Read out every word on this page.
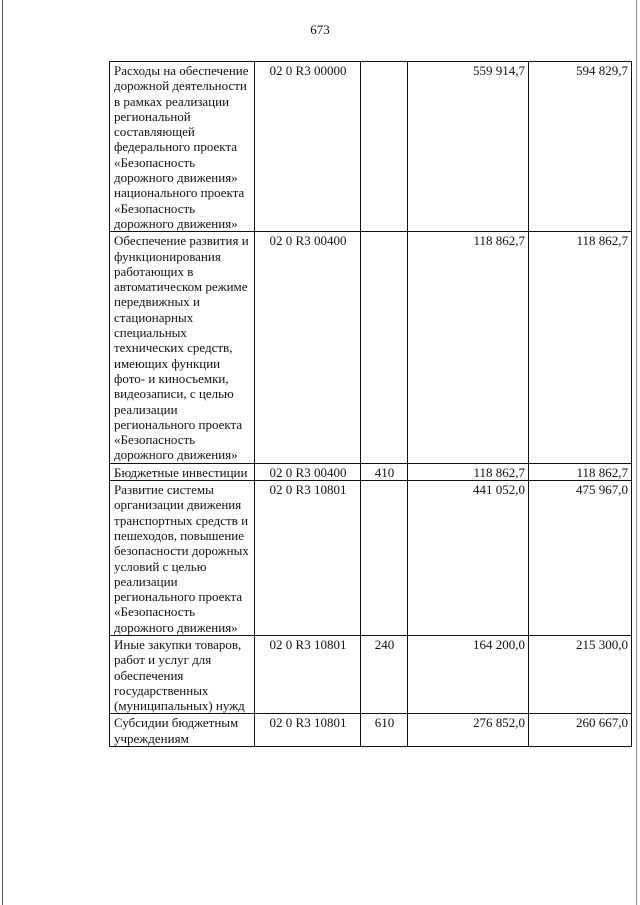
673
Расходы на обеспечение дорожной деятельности в рамках реализации региональной составляющей федерального проекта «Безопасность дорожного движения» национального проекта «Безопасность дорожного движения»	02 0 R3 00000		559 914,7	594 829,7
Обеспечение развития и функционирования работающих в автоматическом режиме передвижных и стационарных специальных технических средств, имеющих функции фото- и киносъемки, видеозаписи, с целью реализации регионального проекта «Безопасность дорожного движения»	02 0 R3 00400		118 862,7	118 862,7
Бюджетные инвестиции	02 0 R3 00400	410	118 862,7	118 862,7
Развитие системы организации движения транспортных средств и пешеходов, повышение безопасности дорожных условий с целью реализации регионального проекта «Безопасность дорожного движения»	02 0 R3 10801		441 052,0	475 967,0
Иные закупки товаров, работ и услуг для обеспечения государственных (муниципальных) нужд	02 0 R3 10801	240	164 200,0	215 300,0
Субсидии бюджетным учреждениям	02 0 R3 10801	610	276 852,0	260 667,0
